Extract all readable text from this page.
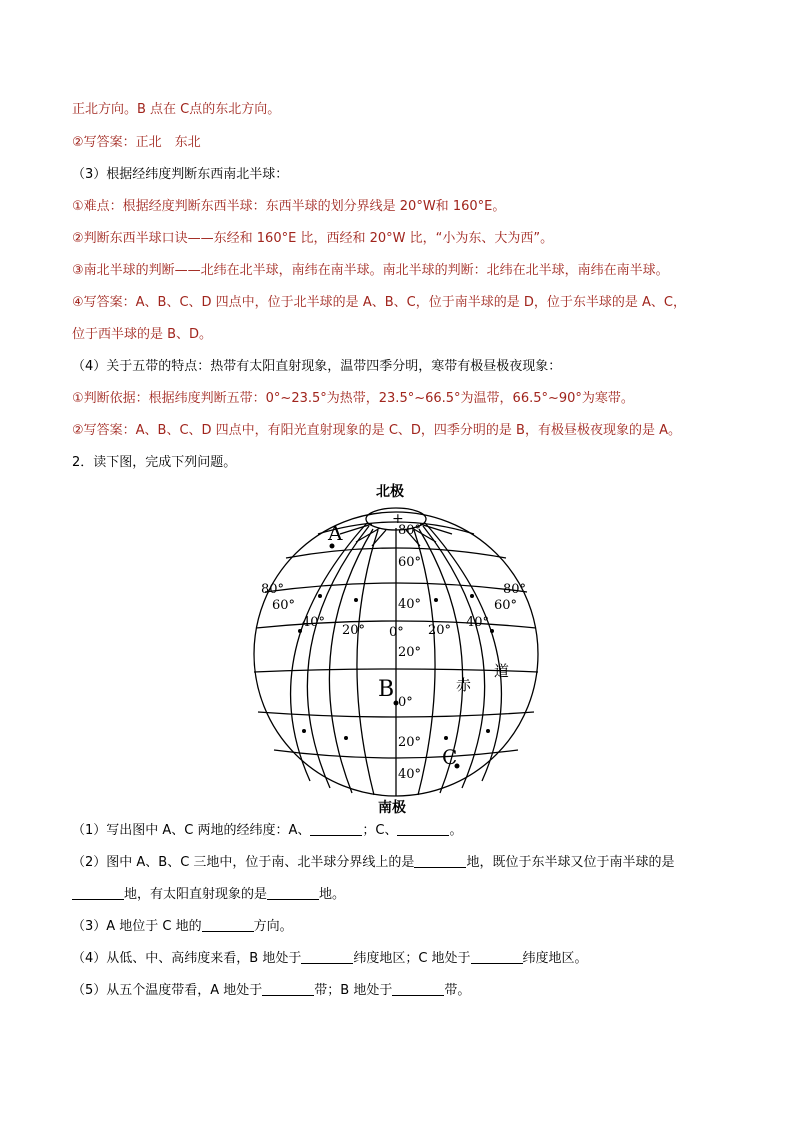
正北方向。B 点在 C点的东北方向。
②写答案：正北　东北
（3）根据经纬度判断东西南北半球：
①难点：根据经度判断东西半球：东西半球的划分界线是 20°W和 160°E。
②判断东西半球口诀——东经和 160°E 比，西经和 20°W 比，“小为东、大为西”。
③南北半球的判断——北纬在北半球，南纬在南半球。南北半球的判断：北纬在北半球，南纬在南半球。
④写答案：A、B、C、D 四点中，位于北半球的是 A、B、C，位于南半球的是 D，位于东半球的是 A、C，
位于西半球的是 B、D。
（4）关于五带的特点：热带有太阳直射现象，温带四季分明，寒带有极昼极夜现象：
①判断依据：根据纬度判断五带：0°~23.5°为热带，23.5°~66.5°为温带，66.5°~90°为寒带。
②写答案：A、B、C、D 四点中，有阳光直射现象的是 C、D，四季分明的是 B，有极昼极夜现象的是 A。
2．读下图，完成下列问题。
+
北极
南极
A
B
C
赤
道
80°
60°
40°
20°
0°
20°
40°
80°
60°
40°
20° 0° 20°
40°
60°
80°
（1）写出图中 A、C 两地的经纬度：A、	；C、	。
（2）图中 A、B、C 三地中，位于南、北半球分界线上的是	地，既位于东半球又位于南半球的是
地，有太阳直射现象的是	地。
（3）A 地位于 C 地的	方向。
（4）从低、中、高纬度来看，B 地处于	纬度地区；C 地处于	纬度地区。
（5）从五个温度带看，A 地处于	带；B 地处于	带。
